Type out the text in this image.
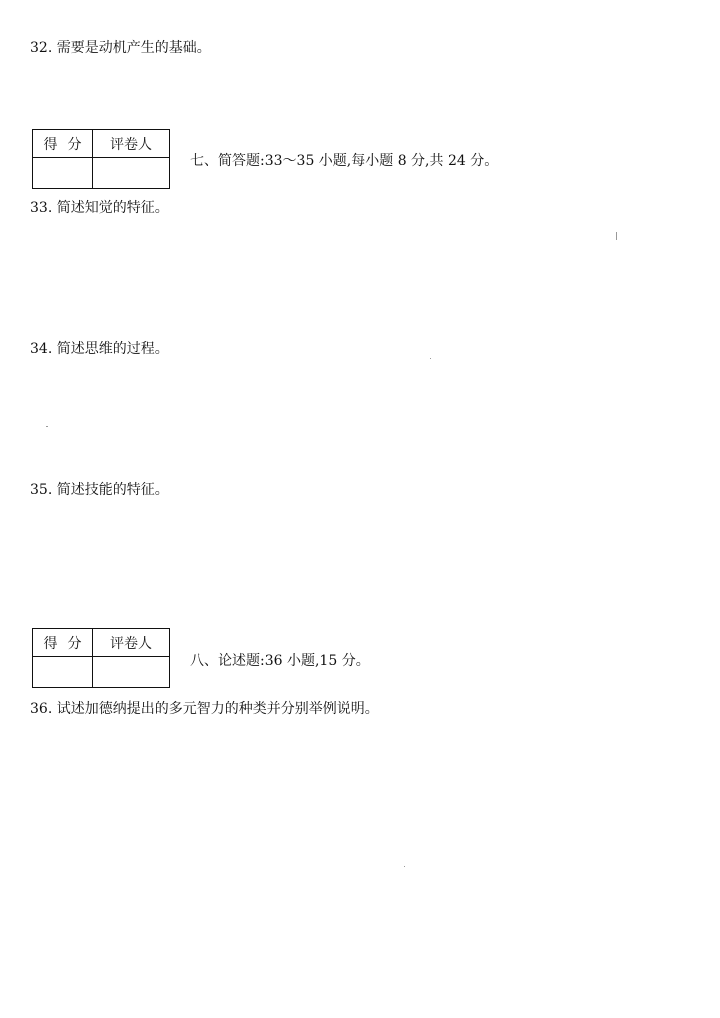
32. 需要是动机产生的基础。
得分	评卷人
七、简答题:33～35 小题,每小题 8 分,共 24 分。
33. 简述知觉的特征。
34. 简述思维的过程。
35. 简述技能的特征。
得分	评卷人
八、论述题:36 小题,15 分。
36. 试述加德纳提出的多元智力的种类并分别举例说明。
